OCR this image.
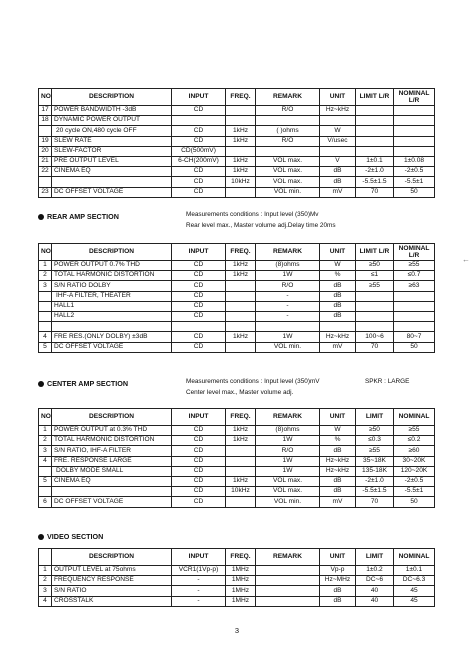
NO	DESCRIPTION	INPUT	FREQ.	REMARK	UNIT	LIMIT L/R	NOMINAL L/R
17	POWER BANDWIDTH -3dB	CD		R/O	Hz~kHz		
18	DYNAMIC POWER OUTPUT						
	20 cycle ON,480 cycle OFF	CD	1kHz	( )ohms	W		
19	SLEW RATE	CD	1kHz	R/O	V/usec		
20	SLEW-FACTOR	CD(500mV)					
21	PRE OUTPUT LEVEL	6-CH(200mV)	1kHz	VOL max.	V	1±0.1	1±0.08
22	CINEMA EQ	CD	1kHz	VOL max.	dB	-2±1.0	-2±0.5
		CD	10kHz	VOL max.	dB	-5.5±1.5	-5.5±1
23	DC OFFSET VOLTAGE	CD		VOL min.	mV	70	50
REAR AMP SECTION	Measurements conditions : Input level (350)Mv
Rear level max., Master volume adj.Delay time 20ms
NO	DESCRIPTION	INPUT	FREQ.	REMARK	UNIT	LIMIT L/R	NOMINAL L/R
1	POWER OUTPUT 0.7% THD	CD	1kHz	(8)ohms	W	≥50	≥55
2	TOTAL HARMONIC DISTORTION	CD	1kHz	1W	%	≤1	≤0.7
3	S/N RATIO DOLBY	CD		R/O	dB	≥55	≥63
	IHF-A FILTER, THEATER	CD		-	dB		
	HALL1	CD		-	dB		
	HALL2	CD		-	dB		

4	FRE RES.(ONLY DOLBY) ±3dB	CD	1kHz	1W	Hz~kHz	100~6	80~7
5	DC OFFSET VOLTAGE	CD		VOL min.	mV	70	50
←
CENTER AMP SECTION	Measurements conditions : Input level (350)mV	SPKR : LARGE
Center level max., Master volume adj.
NO	DESCRIPTION	INPUT	FREQ.	REMARK	UNIT	LIMIT	NOMINAL
1	POWER OUTPUT at 0.3% THD	CD	1kHz	(8)ohms	W	≥50	≥55
2	TOTAL HARMONIC DISTORTION	CD	1kHz	1W	%	≤0.3	≤0.2
3	S/N RATIO, IHF-A FILTER	CD		R/O	dB	≥55	≥60
4	FRE. RESPONSE LARGE	CD		1W	Hz~kHz	35~18K	30~20K
	DOLBY MODE SMALL	CD		1W	Hz~kHz	135-18K	120~20K
5	CINEMA EQ	CD	1kHz	VOL max.	dB	-2±1.0	-2±0.5
		CD	10kHz	VOL max.	dB	-5.5±1.5	-5.5±1
6	DC OFFSET VOLTAGE	CD		VOL min.	mV	70	50
VIDEO SECTION
	DESCRIPTION	INPUT	FREQ.	REMARK	UNIT	LIMIT	NOMINAL
1	OUTPUT LEVEL at 75ohms	VCR1(1Vp-p)	1MHz		Vp-p	1±0.2	1±0.1
2	FREQUENCY RESPONSE	-	1MHz		Hz~MHz	DC~6	DC~6.3
3	S/N RATIO	-	1MHz		dB	40	45
4	CROSSTALK	-	1MHz		dB	40	45
3
